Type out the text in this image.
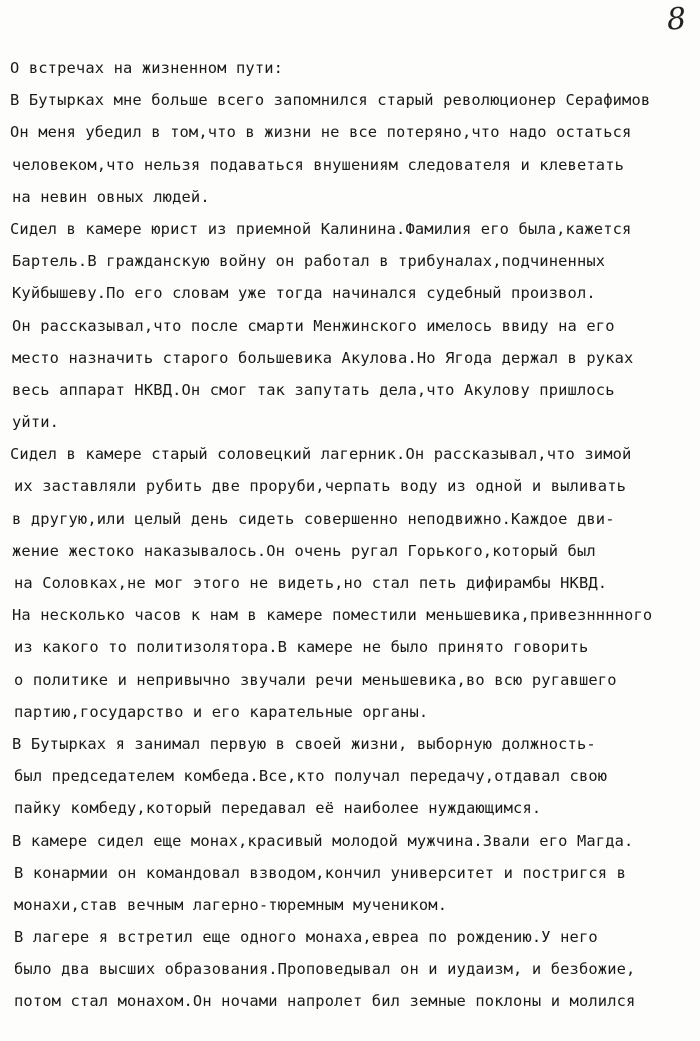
8
О встречах на жизненном пути:
В Бутырках мне больше всего запомнился старый революционер Серафимов
Он меня убедил в том,что в жизни не все потеряно,что надо остаться
человеком,что нельзя подаваться внушениям следователя и клеветать
на невин овных людей.
Сидел в камере юрист из приемной Калинина.Фамилия его была,кажется
Бартель.В гражданскую войну он работал в трибуналах,подчиненных
Куйбышеву.По его словам уже тогда начинался судебный произвол.
Он рассказывал,что после смарти Менжинского имелось ввиду на его
место назначить старого большевика Акулова.Но Ягода держал в руках
весь аппарат НКВД.Он смог так запутать дела,что Акулову пришлось
уйти.
Сидел в камере старый соловецкий лагерник.Он рассказывал,что зимой
их заставляли рубить две проруби,черпать воду из одной и выливать
в другую,или целый день сидеть совершенно неподвижно.Каждое дви-
жение жестоко наказывалось.Он очень ругал Горького,который был
на Соловках,не мог этого не видеть,но стал петь дифирамбы НКВД.
На несколько часов к нам в камере поместили меньшевика,привезнннного
из какого то политизолятора.В камере не было принято говорить
о политике и непривычно звучали речи меньшевика,во всю ругавшего
партию,государство и его карательные органы.
В Бутырках я занимал первую в своей жизни, выборную должность-
был председателем комбеда.Все,кто получал передачу,отдавал свою
пайку комбеду,который передавал её наиболее нуждающимся.
В камере сидел еще монах,красивый молодой мужчина.Звали его Магда.
В конармии он командовал взводом,кончил университет и постригся в
монахи,став вечным лагерно-тюремным мучеником.
В лагере я встретил еще одного монаха,евреа по рождению.У него
было два высших образования.Проповедывал он и иудаизм, и безбожие,
потом стал монахом.Он ночами напролет бил земные поклоны и молился
